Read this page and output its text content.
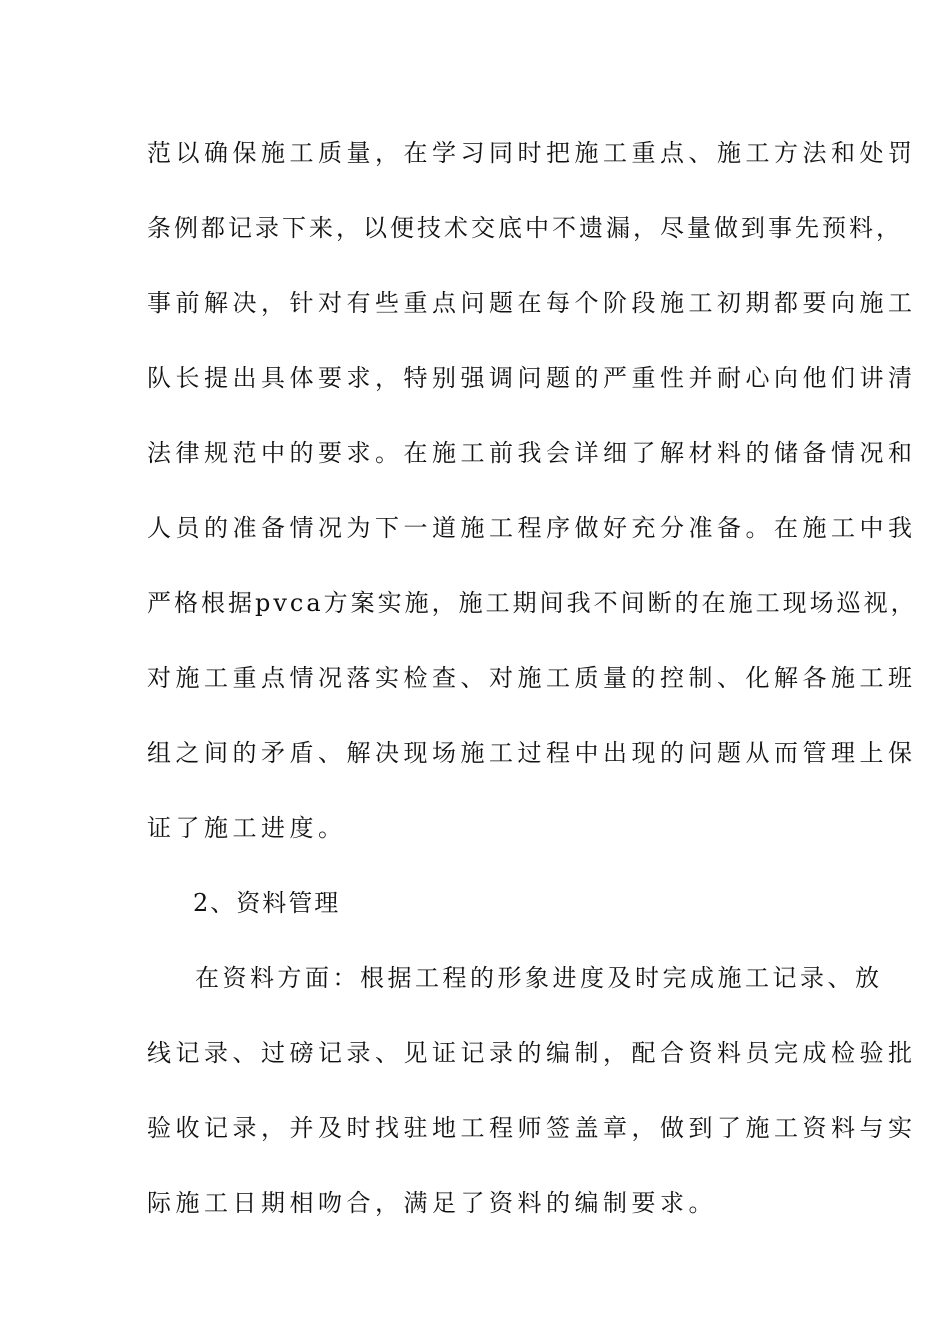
范以确保施工质量，在学习同时把施工重点、施工方法和处罚
条例都记录下来，以便技术交底中不遗漏，尽量做到事先预料，
事前解决，针对有些重点问题在每个阶段施工初期都要向施工
队长提出具体要求，特别强调问题的严重性并耐心向他们讲清
法律规范中的要求。在施工前我会详细了解材料的储备情况和
人员的准备情况为下一道施工程序做好充分准备。在施工中我
严格根据pvca方案实施，施工期间我不间断的在施工现场巡视，
对施工重点情况落实检查、对施工质量的控制、化解各施工班
组之间的矛盾、解决现场施工过程中出现的问题从而管理上保
证了施工进度。
2、资料管理
在资料方面：根据工程的形象进度及时完成施工记录、放
线记录、过磅记录、见证记录的编制，配合资料员完成检验批
验收记录，并及时找驻地工程师签盖章，做到了施工资料与实
际施工日期相吻合，满足了资料的编制要求。
